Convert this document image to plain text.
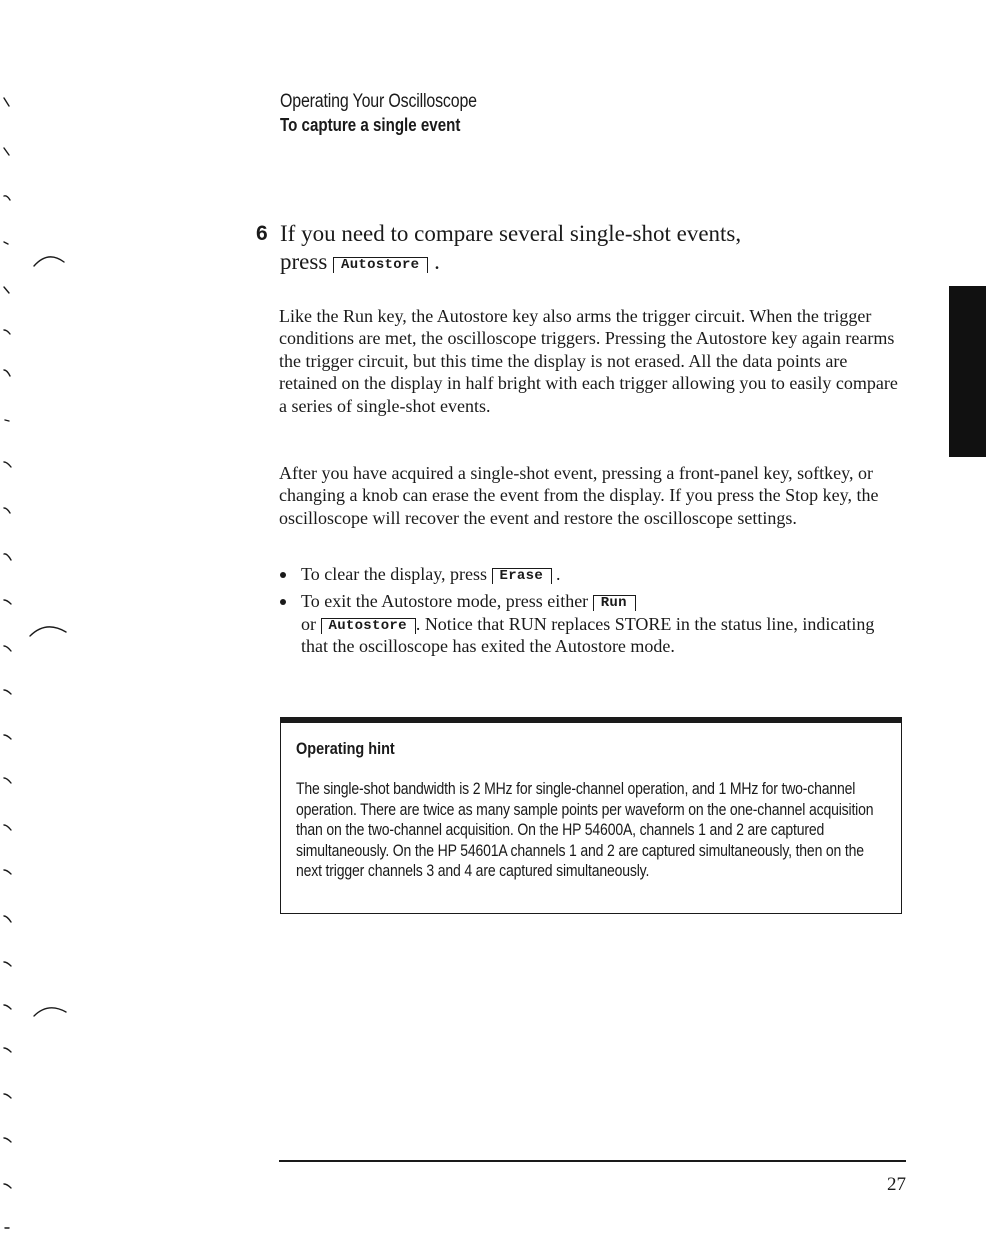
Operating Your Oscilloscope
To capture a single event
6 If you need to compare several single-shot events,
press Autostore .

Like the Run key, the Autostore key also arms the trigger circuit. When the trigger conditions are met, the oscilloscope triggers. Pressing the Autostore key again rearms the trigger circuit, but this time the display is not erased. All the data points are retained on the display in half bright with each trigger allowing you to easily compare a series of single-shot events.

After you have acquired a single-shot event, pressing a front-panel key, softkey, or changing a knob can erase the event from the display. If you press the Stop key, the oscilloscope will recover the event and restore the oscilloscope settings.

To clear the display, press Erase .
To exit the Autostore mode, press either Run
or Autostore . Notice that RUN replaces STORE in the status line, indicating that the oscilloscope has exited the Autostore mode.
Operating hint
The single-shot bandwidth is 2 MHz for single-channel operation, and 1 MHz for two-channel operation. There are twice as many sample points per waveform on the one-channel acquisition than on the two-channel acquisition. On the HP 54600A, channels 1 and 2 are captured simultaneously. On the HP 54601A channels 1 and 2 are captured simultaneously, then on the next trigger channels 3 and 4 are captured simultaneously.
27
